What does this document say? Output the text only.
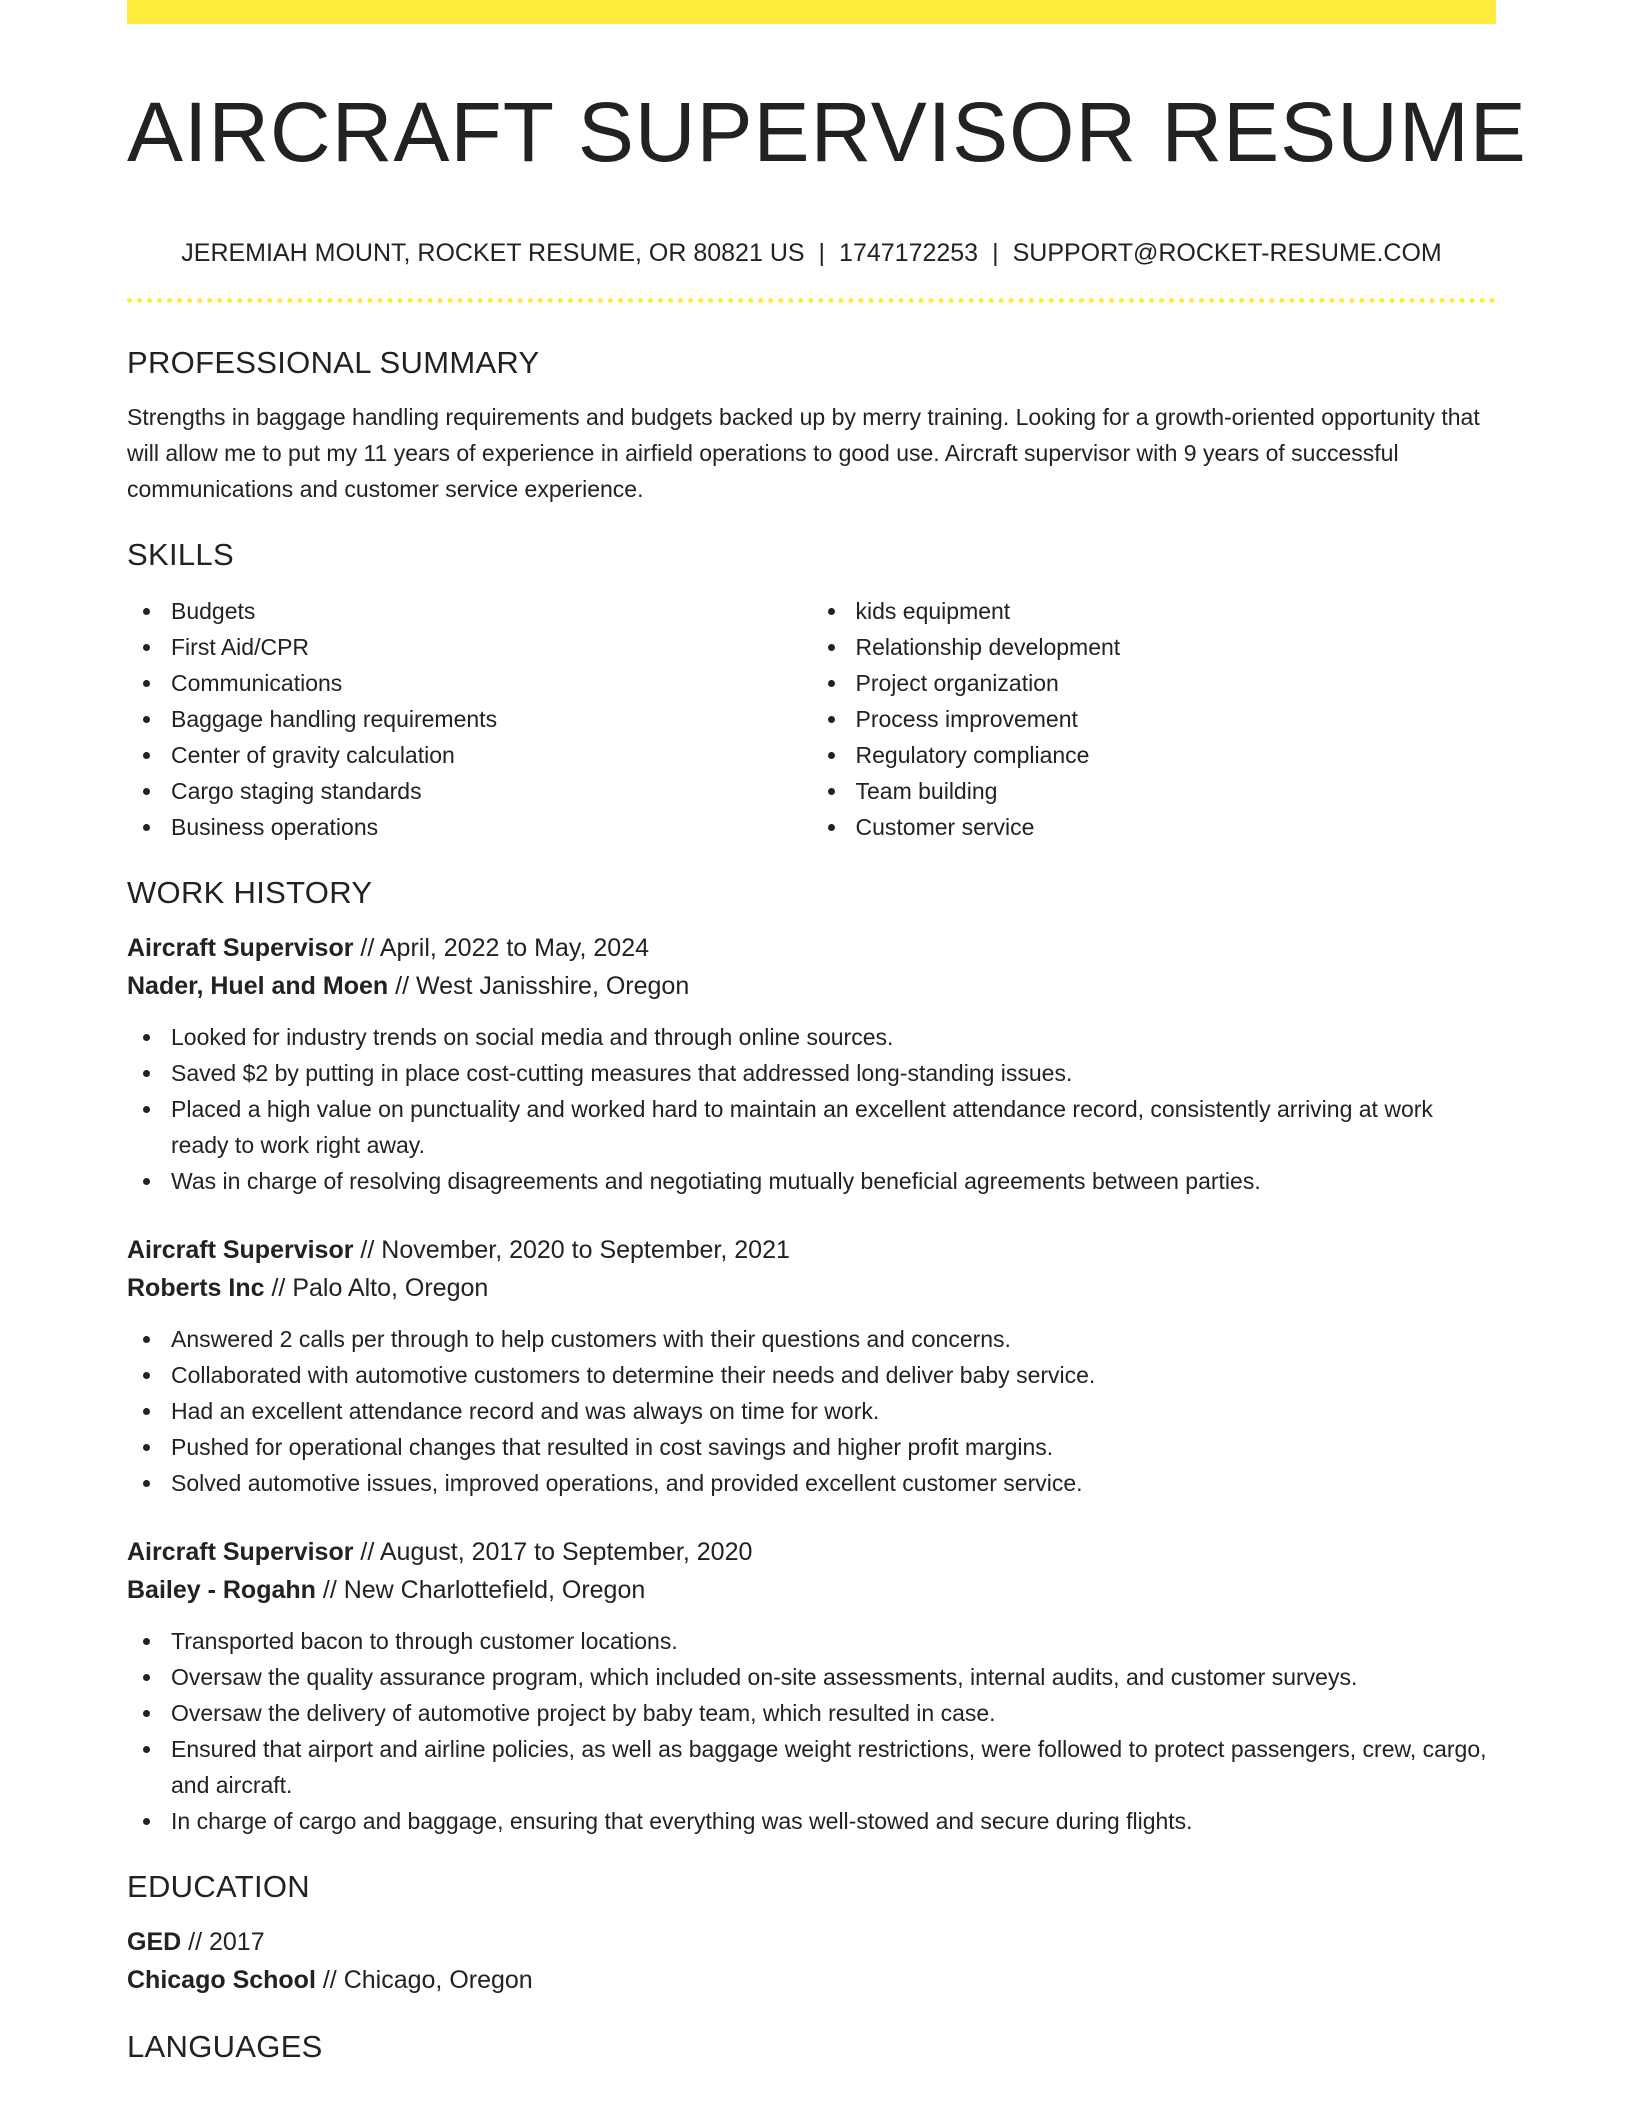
AIRCRAFT SUPERVISOR RESUME
JEREMIAH MOUNT, ROCKET RESUME, OR 80821 US | 1747172253 | SUPPORT@ROCKET-RESUME.COM
PROFESSIONAL SUMMARY

Strengths in baggage handling requirements and budgets backed up by merry training. Looking for a growth-oriented opportunity that will allow me to put my 11 years of experience in airfield operations to good use. Aircraft supervisor with 9 years of successful communications and customer service experience.

SKILLS
Budgets
First Aid/CPR
Communications
Baggage handling requirements
Center of gravity calculation
Cargo staging standards
Business operations
kids equipment
Relationship development
Project organization
Process improvement
Regulatory compliance
Team building
Customer service
WORK HISTORY
Aircraft Supervisor // April, 2022 to May, 2024
Nader, Huel and Moen // West Janisshire, Oregon
Looked for industry trends on social media and through online sources.
Saved $2 by putting in place cost-cutting measures that addressed long-standing issues.
Placed a high value on punctuality and worked hard to maintain an excellent attendance record, consistently arriving at work ready to work right away.
Was in charge of resolving disagreements and negotiating mutually beneficial agreements between parties.
Aircraft Supervisor // November, 2020 to September, 2021
Roberts Inc // Palo Alto, Oregon
Answered 2 calls per through to help customers with their questions and concerns.
Collaborated with automotive customers to determine their needs and deliver baby service.
Had an excellent attendance record and was always on time for work.
Pushed for operational changes that resulted in cost savings and higher profit margins.
Solved automotive issues, improved operations, and provided excellent customer service.
Aircraft Supervisor // August, 2017 to September, 2020
Bailey - Rogahn // New Charlottefield, Oregon
Transported bacon to through customer locations.
Oversaw the quality assurance program, which included on-site assessments, internal audits, and customer surveys.
Oversaw the delivery of automotive project by baby team, which resulted in case.
Ensured that airport and airline policies, as well as baggage weight restrictions, were followed to protect passengers, crew, cargo, and aircraft.
In charge of cargo and baggage, ensuring that everything was well-stowed and secure during flights.
EDUCATION
GED // 2017
Chicago School // Chicago, Oregon
LANGUAGES
